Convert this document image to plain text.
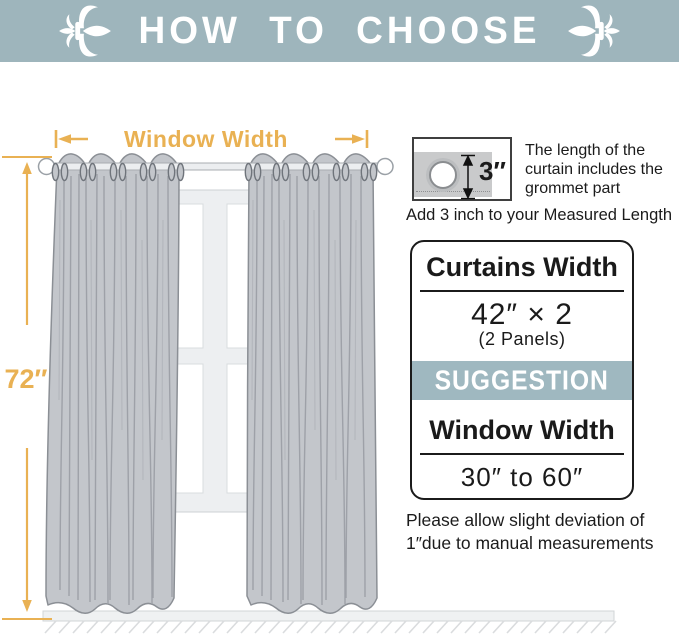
HOW TO CHOOSE
Window Width
72″
3″
The length of the curtain includes the grommet part
Add 3 inch to your Measured Length
Curtains Width
42″ × 2
(2 Panels)
SUGGESTION
Window Width
30″ to 60″
Please allow slight deviation of
1″due to manual measurements
